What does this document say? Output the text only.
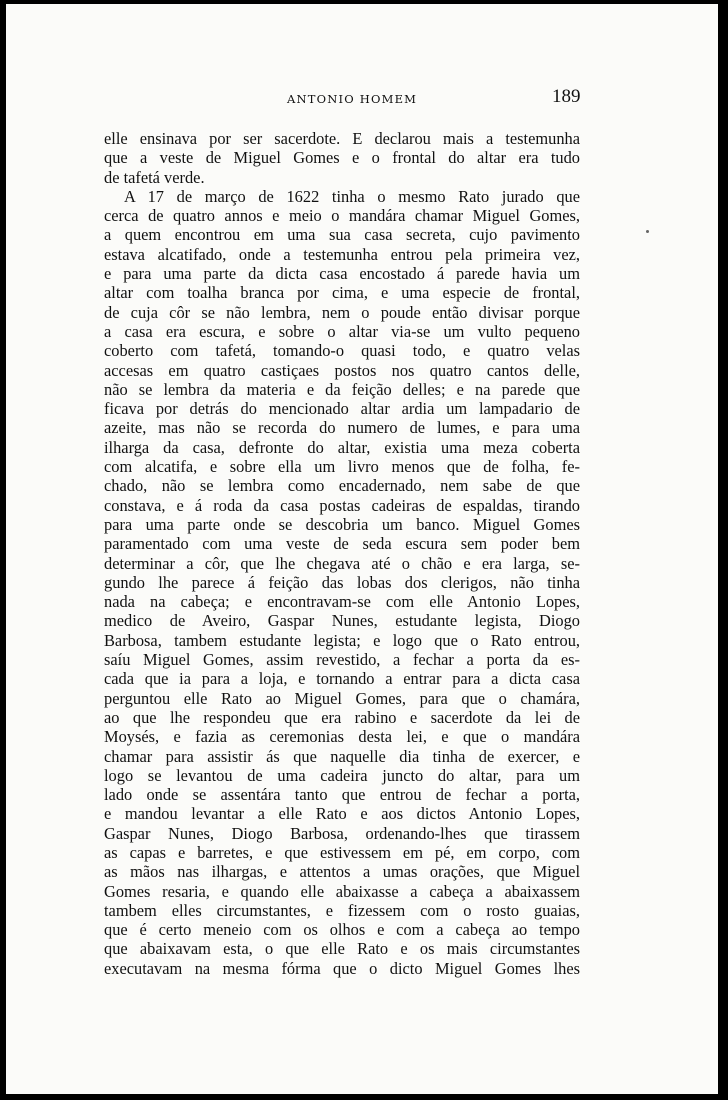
ANTONIO HOMEM	189
elle ensinava por ser sacerdote. E declarou mais a testemunha
que a veste de Miguel Gomes e o frontal do altar era tudo
de tafetá verde.
A 17 de março de 1622 tinha o mesmo Rato jurado que
cerca de quatro annos e meio o mandára chamar Miguel Gomes,
a quem encontrou em uma sua casa secreta, cujo pavimento
estava alcatifado, onde a testemunha entrou pela primeira vez,
e para uma parte da dicta casa encostado á parede havia um
altar com toalha branca por cima, e uma especie de frontal,
de cuja côr se não lembra, nem o poude então divisar porque
a casa era escura, e sobre o altar via-se um vulto pequeno
coberto com tafetá, tomando-o quasi todo, e quatro velas
accesas em quatro castiçaes postos nos quatro cantos delle,
não se lembra da materia e da feição delles; e na parede que
ficava por detrás do mencionado altar ardia um lampadario de
azeite, mas não se recorda do numero de lumes, e para uma
ilharga da casa, defronte do altar, existia uma meza coberta
com alcatifa, e sobre ella um livro menos que de folha, fe-
chado, não se lembra como encadernado, nem sabe de que
constava, e á roda da casa postas cadeiras de espaldas, tirando
para uma parte onde se descobria um banco. Miguel Gomes
paramentado com uma veste de seda escura sem poder bem
determinar a côr, que lhe chegava até o chão e era larga, se-
gundo lhe parece á feição das lobas dos clerigos, não tinha
nada na cabeça; e encontravam-se com elle Antonio Lopes,
medico de Aveiro, Gaspar Nunes, estudante legista, Diogo
Barbosa, tambem estudante legista; e logo que o Rato entrou,
saíu Miguel Gomes, assim revestido, a fechar a porta da es-
cada que ia para a loja, e tornando a entrar para a dicta casa
perguntou elle Rato ao Miguel Gomes, para que o chamára,
ao que lhe respondeu que era rabino e sacerdote da lei de
Moysés, e fazia as ceremonias desta lei, e que o mandára
chamar para assistir ás que naquelle dia tinha de exercer, e
logo se levantou de uma cadeira juncto do altar, para um
lado onde se assentára tanto que entrou de fechar a porta,
e mandou levantar a elle Rato e aos dictos Antonio Lopes,
Gaspar Nunes, Diogo Barbosa, ordenando-lhes que tirassem
as capas e barretes, e que estivessem em pé, em corpo, com
as mãos nas ilhargas, e attentos a umas orações, que Miguel
Gomes resaria, e quando elle abaixasse a cabeça a abaixassem
tambem elles circumstantes, e fizessem com o rosto guaias,
que é certo meneio com os olhos e com a cabeça ao tempo
que abaixavam esta, o que elle Rato e os mais circumstantes
executavam na mesma fórma que o dicto Miguel Gomes lhes
